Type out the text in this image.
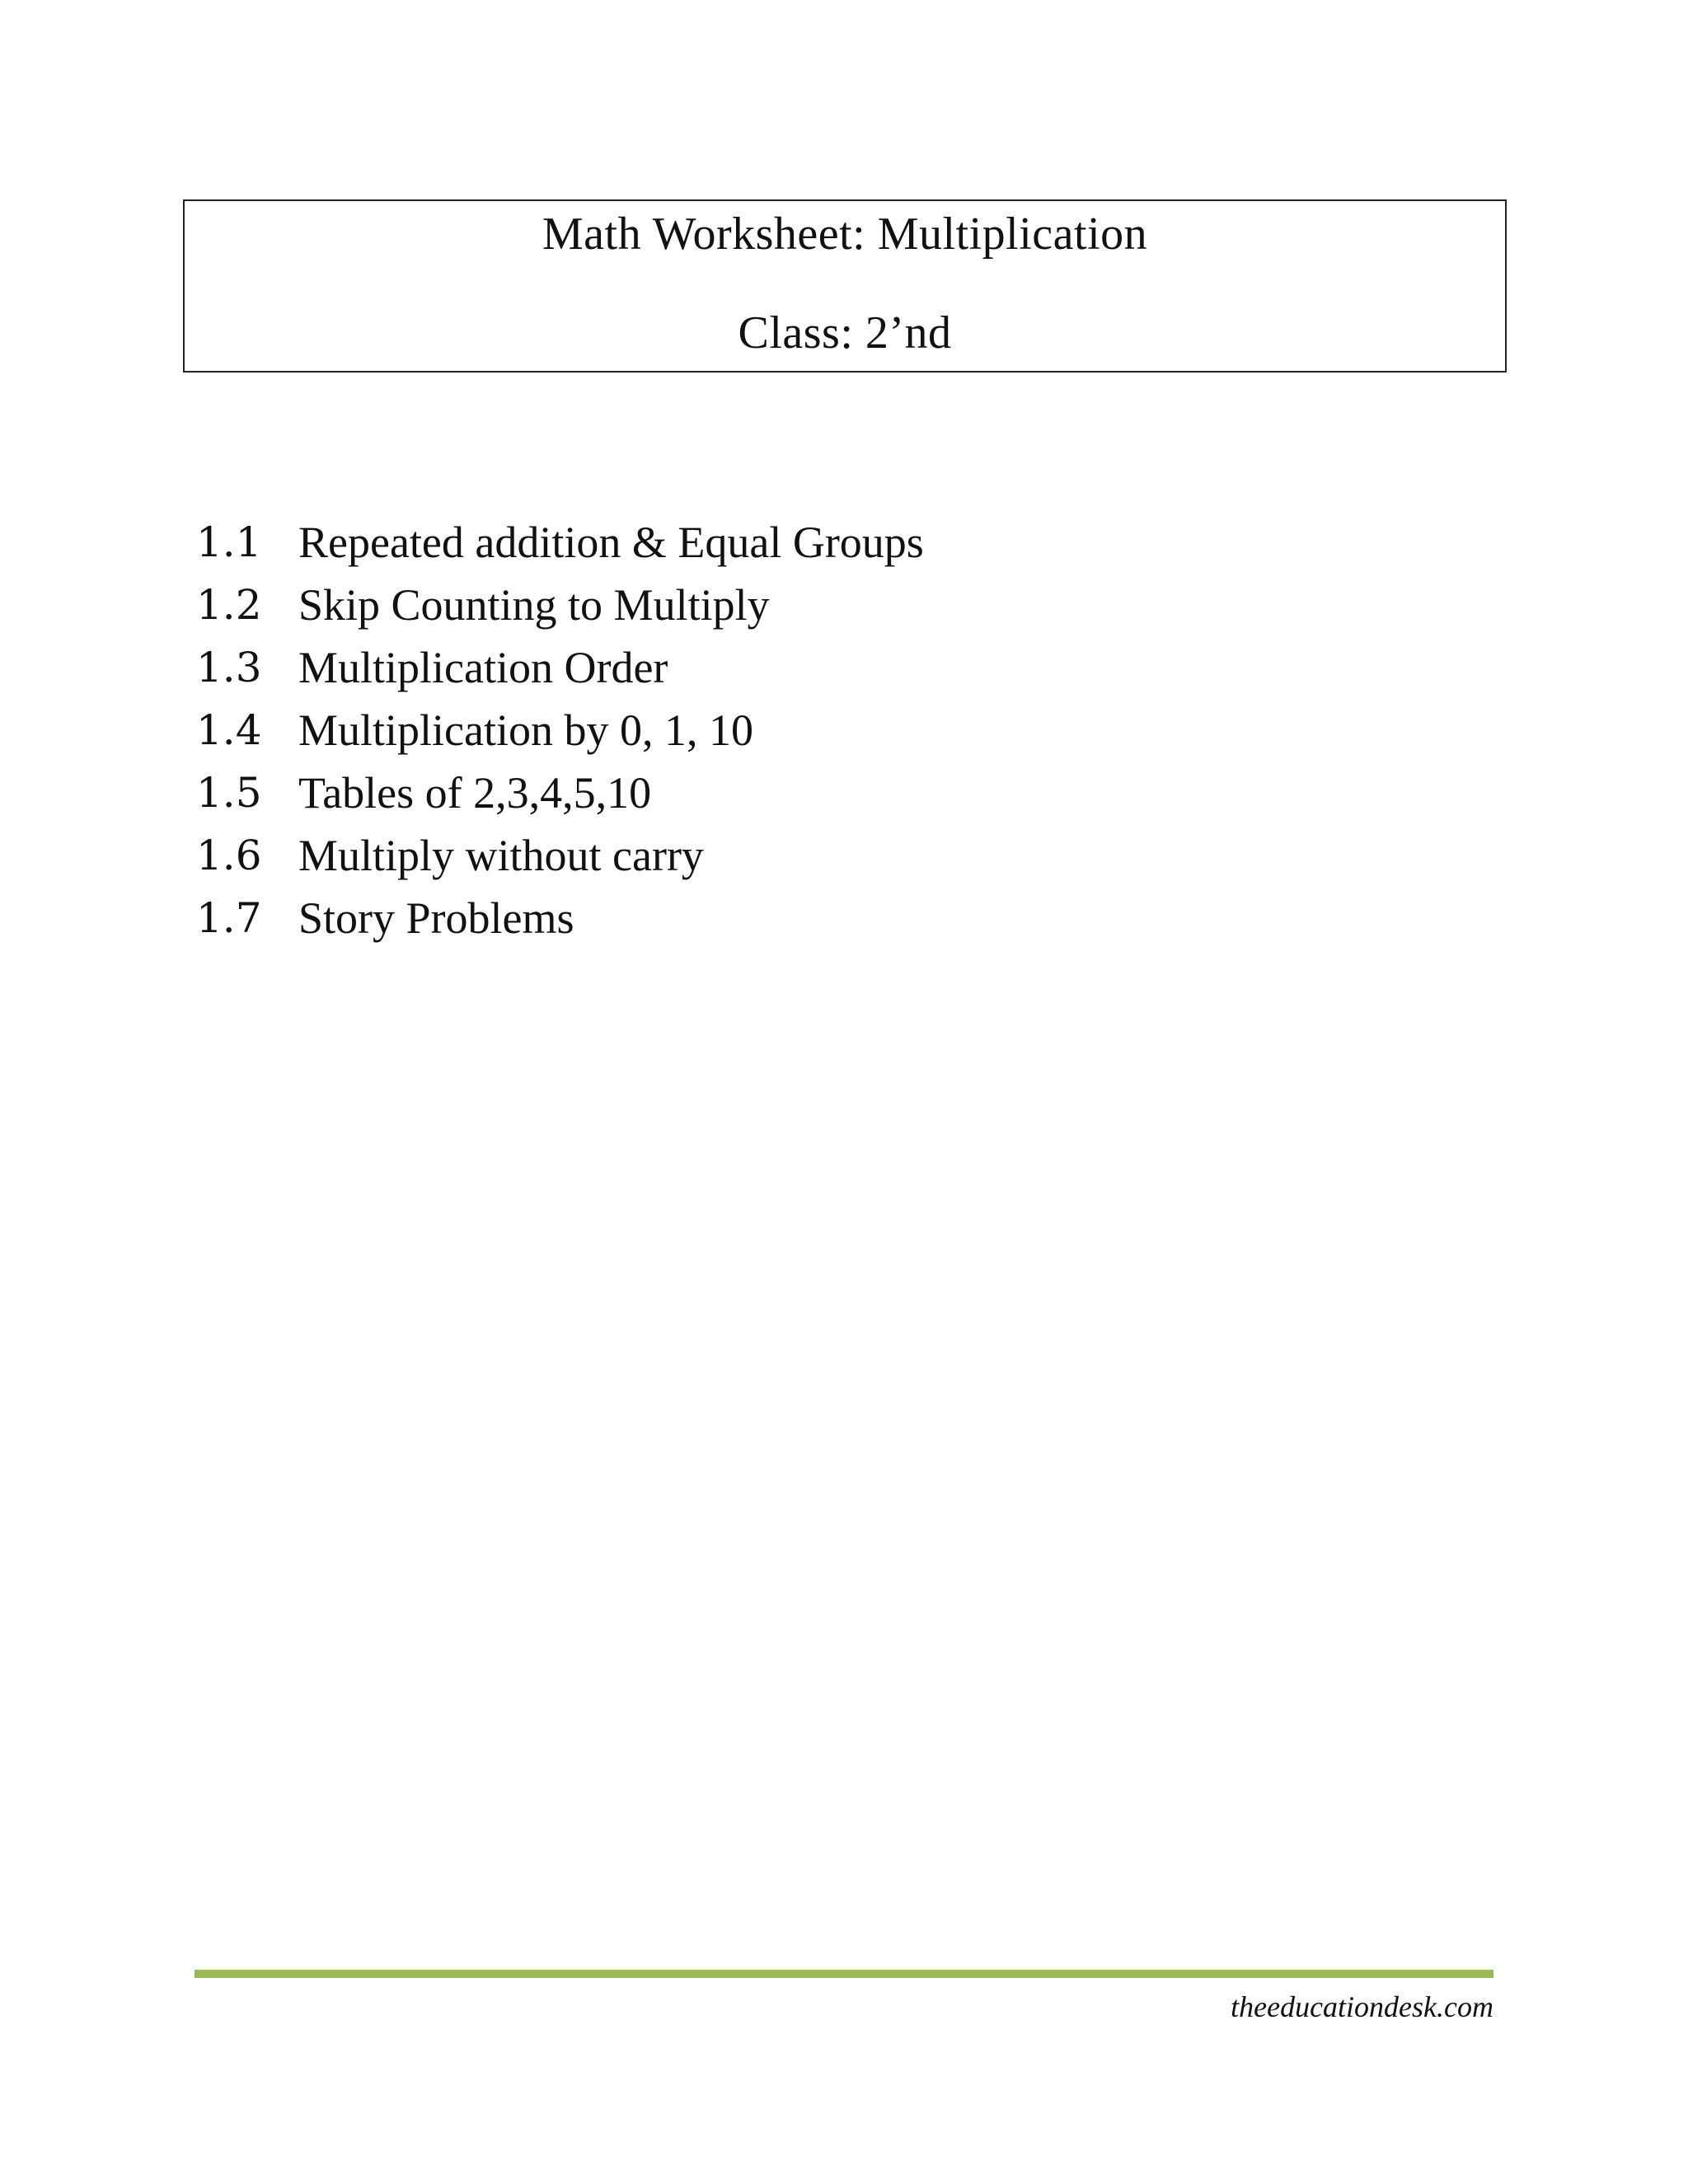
Math Worksheet: Multiplication
Class: 2’nd
1.1 Repeated addition & Equal Groups
1.2 Skip Counting to Multiply
1.3 Multiplication Order
1.4 Multiplication by 0, 1, 10
1.5 Tables of 2,3,4,5,10
1.6 Multiply without carry
1.7 Story Problems
theeducationdesk.com
